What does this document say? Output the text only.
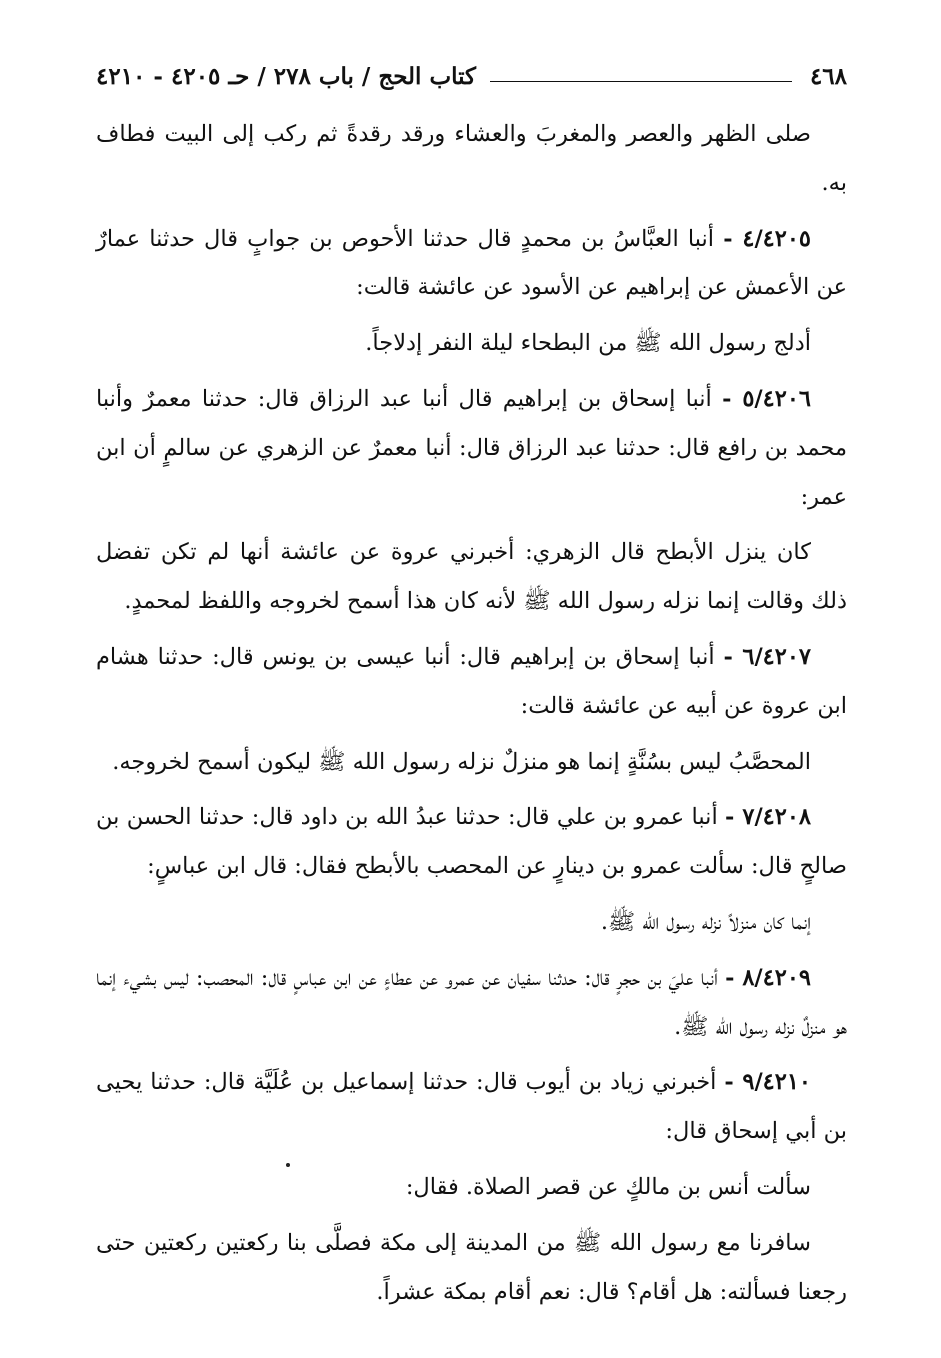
٤٦٨
كتاب الحج / باب ٢٧٨ / حـ ٤٢٠٥ - ٤٢١٠

صلى الظهر والعصر والمغربَ والعشاء ورقد رقدةً ثم ركب إلى البيت فطاف به.

٤/٤٢٠٥ - أنبا العبَّاسُ بن محمدٍ قال حدثنا الأحوص بن جوابٍ قال حدثنا عمارٌ عن الأعمش عن إبراهيم عن الأسود عن عائشة قالت:

أدلج رسول الله ﷺ من البطحاء ليلة النفر إدلاجاً.

٥/٤٢٠٦ - أنبا إسحاق بن إبراهيم قال أنبا عبد الرزاق قال: حدثنا معمرٌ وأنبا محمد بن رافع قال: حدثنا عبد الرزاق قال: أنبا معمرٌ عن الزهري عن سالمٍ أن ابن عمر:

كان ينزل الأبطح قال الزهري: أخبرني عروة عن عائشة أنها لم تكن تفضل ذلك وقالت إنما نزله رسول الله ﷺ لأنه كان هذا أسمح لخروجه واللفظ لمحمدٍ.

٦/٤٢٠٧ - أنبا إسحاق بن إبراهيم قال: أنبا عيسى بن يونس قال: حدثنا هشام ابن عروة عن أبيه عن عائشة قالت:

المحصَّبُ ليس بسُنَّةٍ إنما هو منزلٌ نزله رسول الله ﷺ ليكون أسمح لخروجه.

٧/٤٢٠٨ - أنبا عمرو بن علي قال: حدثنا عبدُ الله بن داود قال: حدثنا الحسن بن صالحٍ قال: سألت عمرو بن دينارٍ عن المحصب بالأبطح فقال: قال ابن عباسٍ:

إنما كان منزلاً نزله رسول الله ﷺ.

٨/٤٢٠٩ - أنبا عليَ بن حجرٍ قال: حدثنا سفيان عن عمرو عن عطاءٍ عن ابن عباسٍ قال: المحصب: ليس بشيء إنما هو منزلٌ نزله رسول الله ﷺ.

٩/٤٢١٠ - أخبرني زياد بن أيوب قال: حدثنا إسماعيل بن عُلَيَّة قال: حدثنا يحيى بن أبي إسحاق قال:

سألت أنس بن مالكٍ عن قصر الصلاة. فقال:

سافرنا مع رسول الله ﷺ من المدينة إلى مكة فصلَّى بنا ركعتين ركعتين حتى رجعنا فسألته: هل أقام؟ قال: نعم أقام بمكة عشراً.
